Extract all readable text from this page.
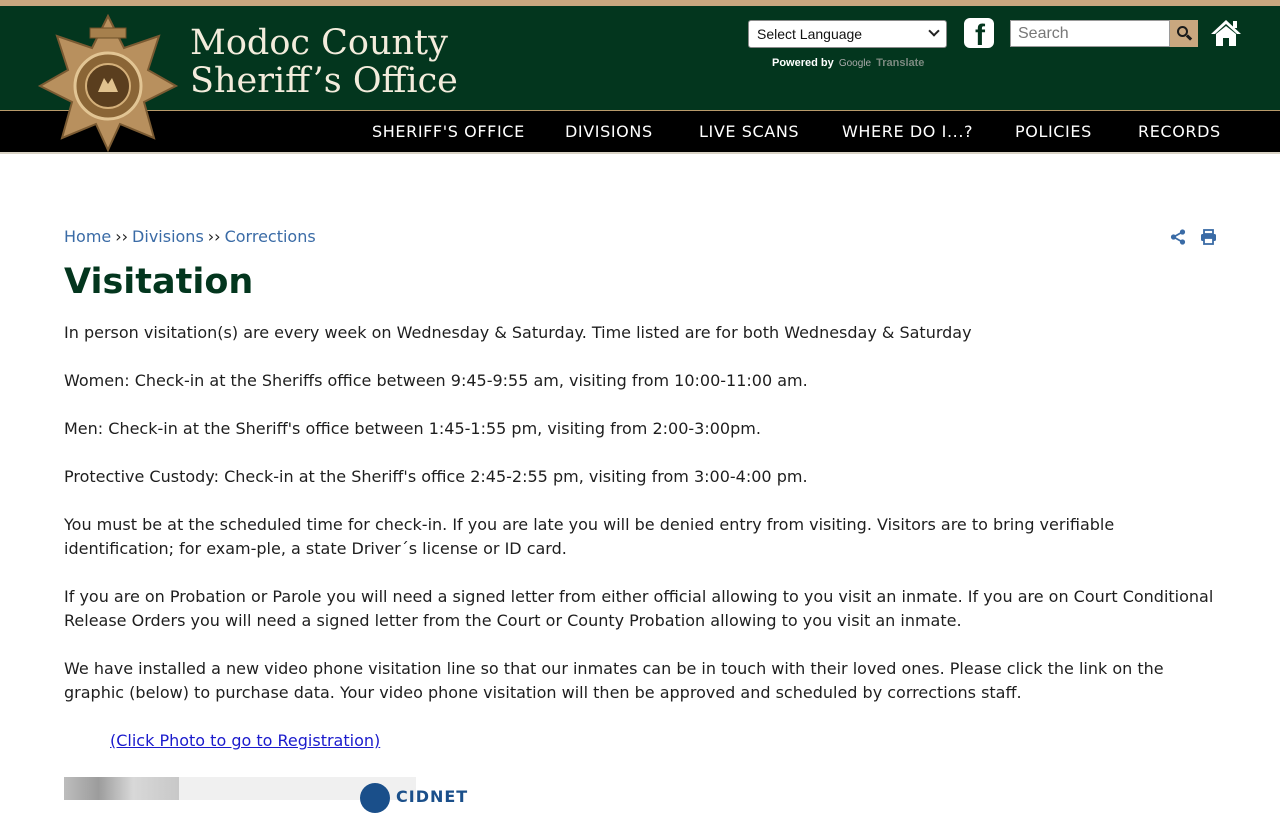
Modoc County
Sheriff’s Office
Select Language
Powered by Google Translate
f
Search
SHERIFF'S OFFICE	DIVISIONS	LIVE SCANS	WHERE DO I...?	POLICIES	RECORDS
Home ›› Divisions ›› Corrections
Visitation

In person visitation(s) are every week on Wednesday & Saturday. Time listed are for both Wednesday & Saturday

Women: Check-in at the Sheriffs office between 9:45-9:55 am, visiting from 10:00-11:00 am.

Men: Check-in at the Sheriff's office between 1:45-1:55 pm, visiting from 2:00-3:00pm.

Protective Custody: Check-in at the Sheriff's office 2:45-2:55 pm, visiting from 3:00-4:00 pm.

You must be at the scheduled time for check-in. If you are late you will be denied entry from visiting. Visitors are to bring verifiable identification; for exam-ple, a state Driver´s license or ID card.

If you are on Probation or Parole you will need a signed letter from either official allowing to you visit an inmate. If you are on Court Conditional Release Orders you will need a signed letter from the Court or County Probation allowing to you visit an inmate.

We have installed a new video phone visitation line so that our inmates can be in touch with their loved ones. Please click the link on the graphic (below) to purchase data. Your video phone visitation will then be approved and scheduled by corrections staff.

(Click Photo to go to Registration)
CIDNET
